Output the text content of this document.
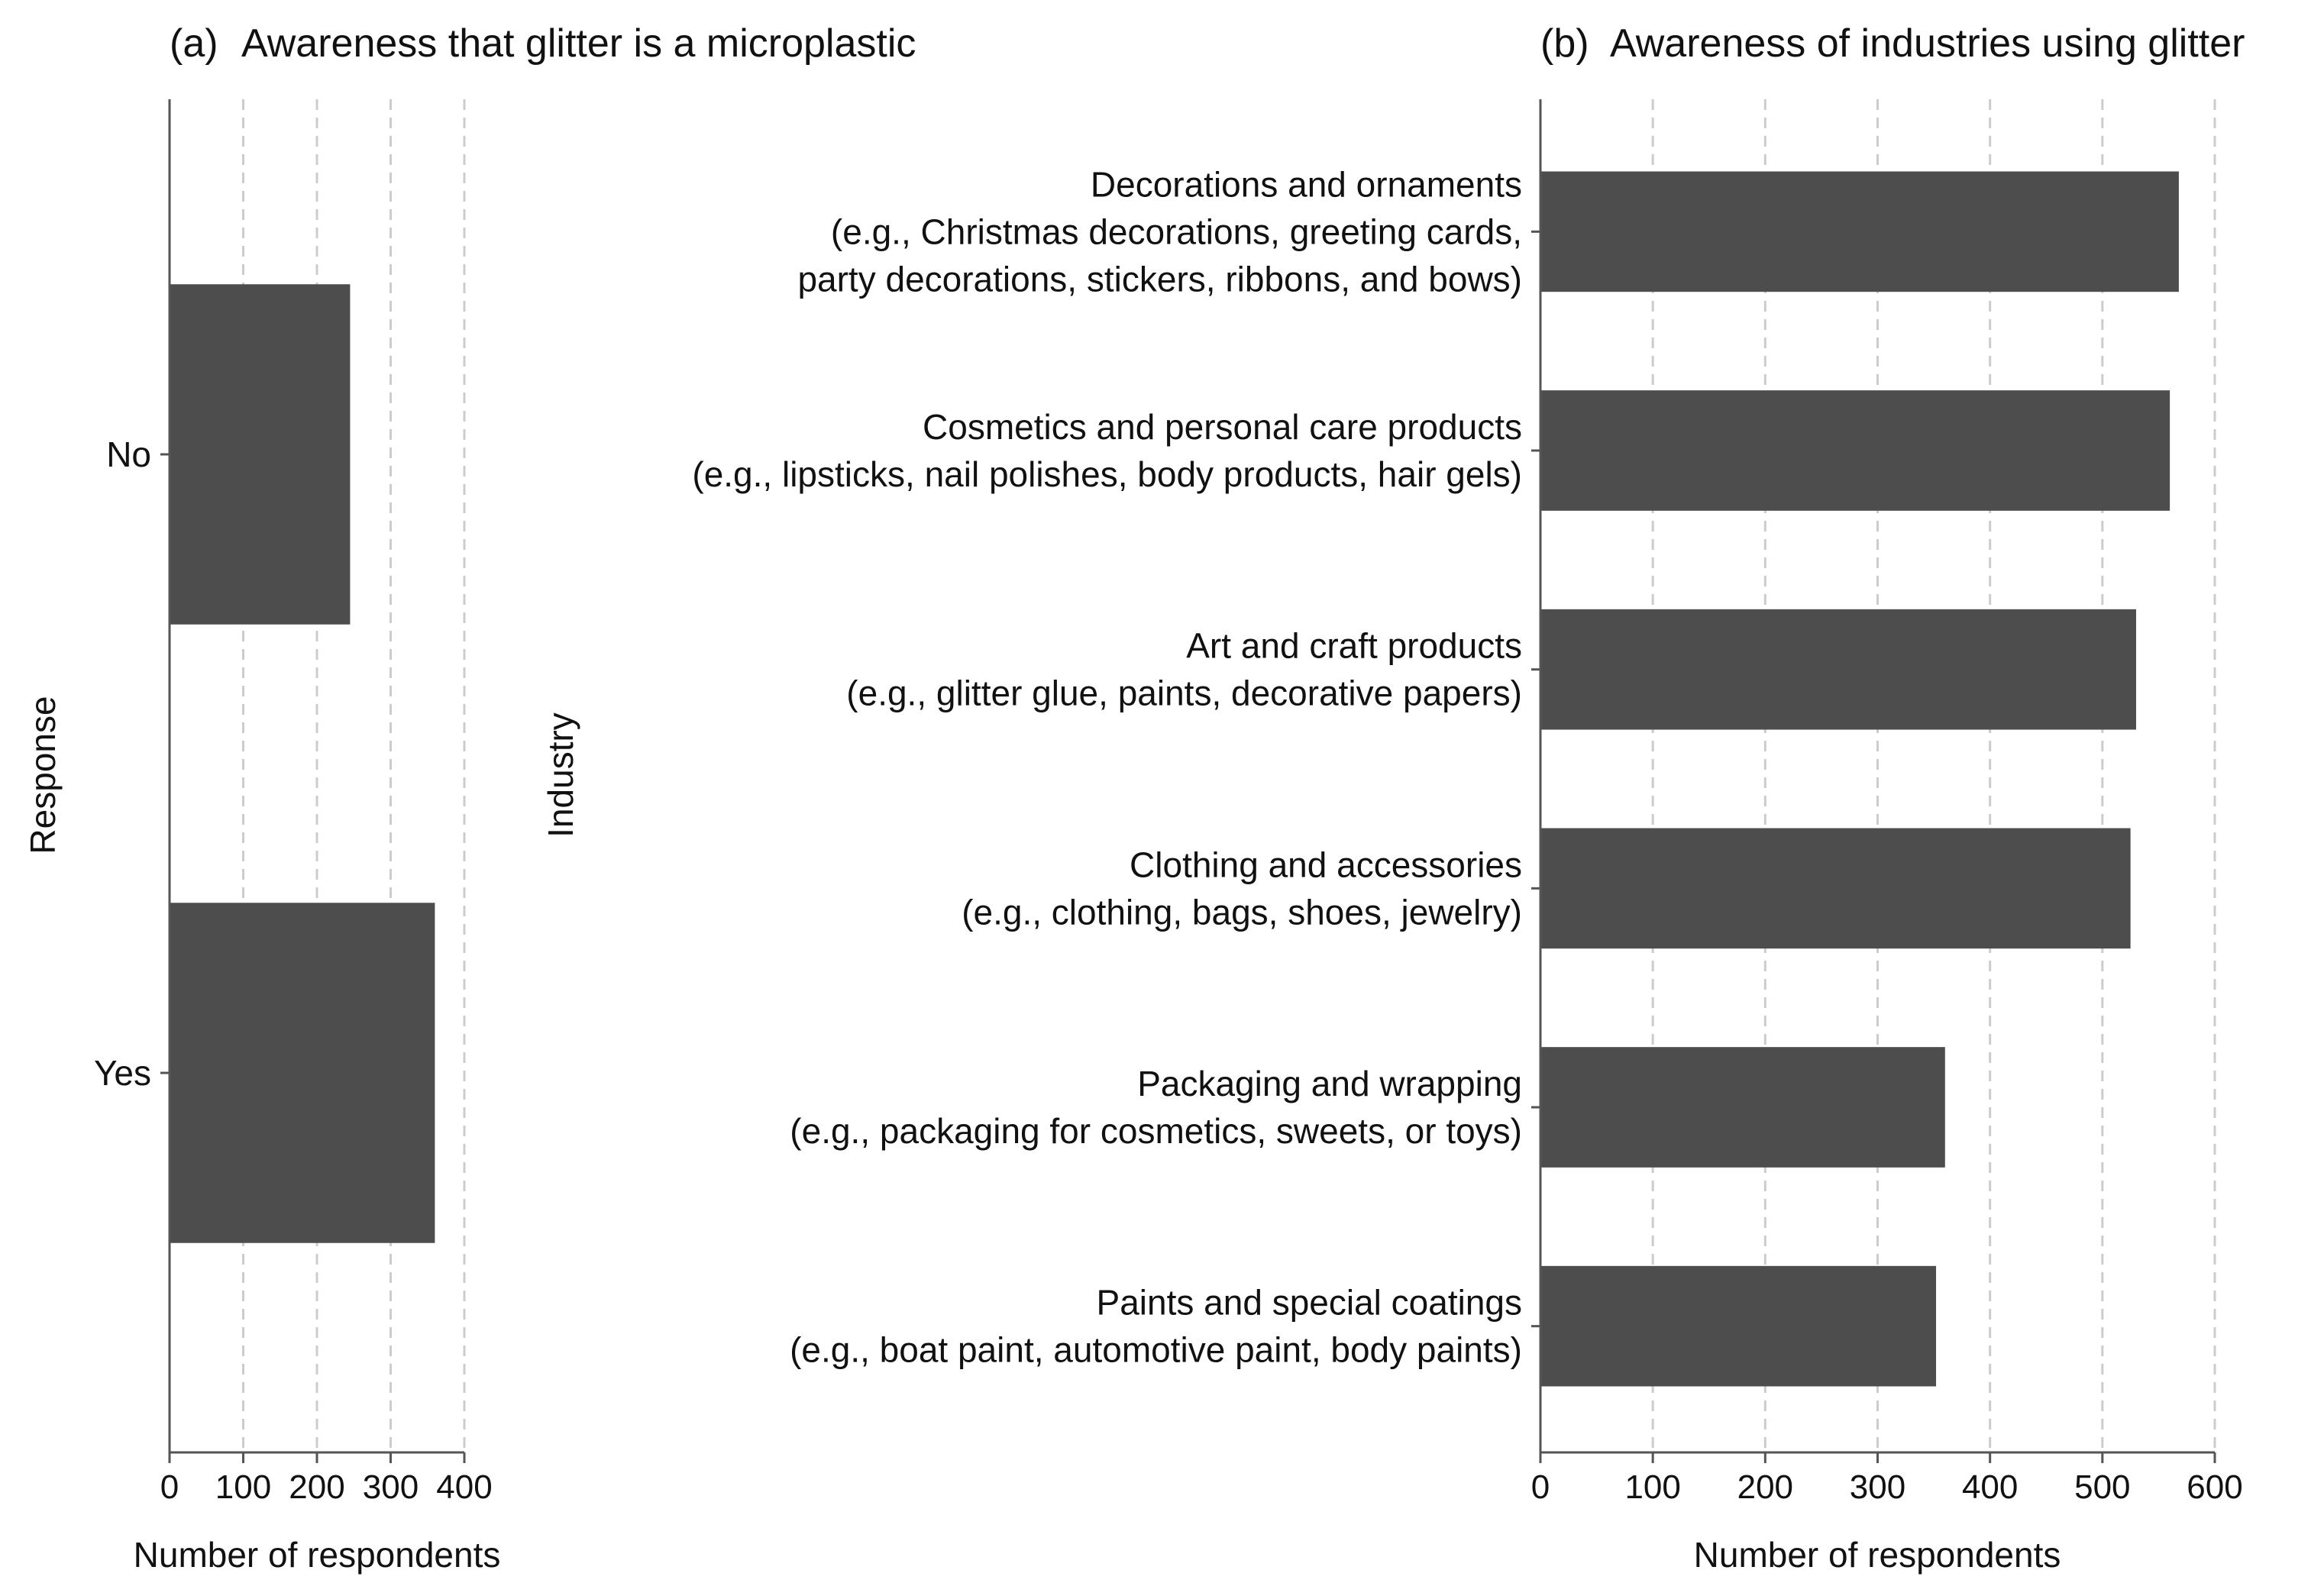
No
Yes
0 100 200 300 400
Number of respondents
Response
(a) Awareness that glitter is a microplastic
Decorations and ornaments (e.g., Christmas decorations, greeting cards, party decorations, stickers, ribbons, and bows)
Cosmetics and personal care products (e.g., lipsticks, nail polishes, body products, hair gels)
Art and craft products (e.g., glitter glue, paints, decorative papers)
Clothing and accessories (e.g., clothing, bags, shoes, jewelry)
Packaging and wrapping (e.g., packaging for cosmetics, sweets, or toys)
Paints and special coatings (e.g., boat paint, automotive paint, body paints)
0 100 200 300 400 500 600
Number of respondents
Industry
(b) Awareness of industries using glitter
